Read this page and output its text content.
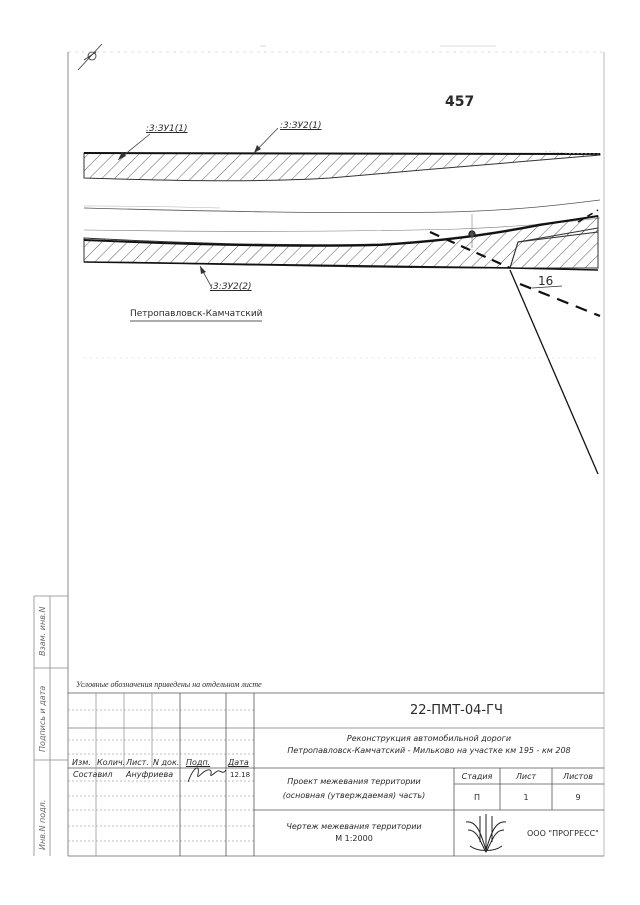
457
:3:ЗУ1(1)	:3:ЗУ2(1)
:3:ЗУ2(2)	16
Петропавловск-Камчатский
Условные обозначения приведены на отдельном листе
22-ПМТ-04-ГЧ
Реконструкция автомобильной дороги
Петропавловск-Камчатский - Мильково на участке км 195 - км 208
Изм. Колич. Лист. N док. Подп. Дата
Составил Ануфриева	12.18
Проект межевания территории
(основная (утверждаемая) часть)
Стадия	Лист	Листов
П	1	9
Чертеж межевания территории
М 1:2000
ООО "ПРОГРЕСС"
Взам. инв.N
Подпись и дата
Инв.N подл.
